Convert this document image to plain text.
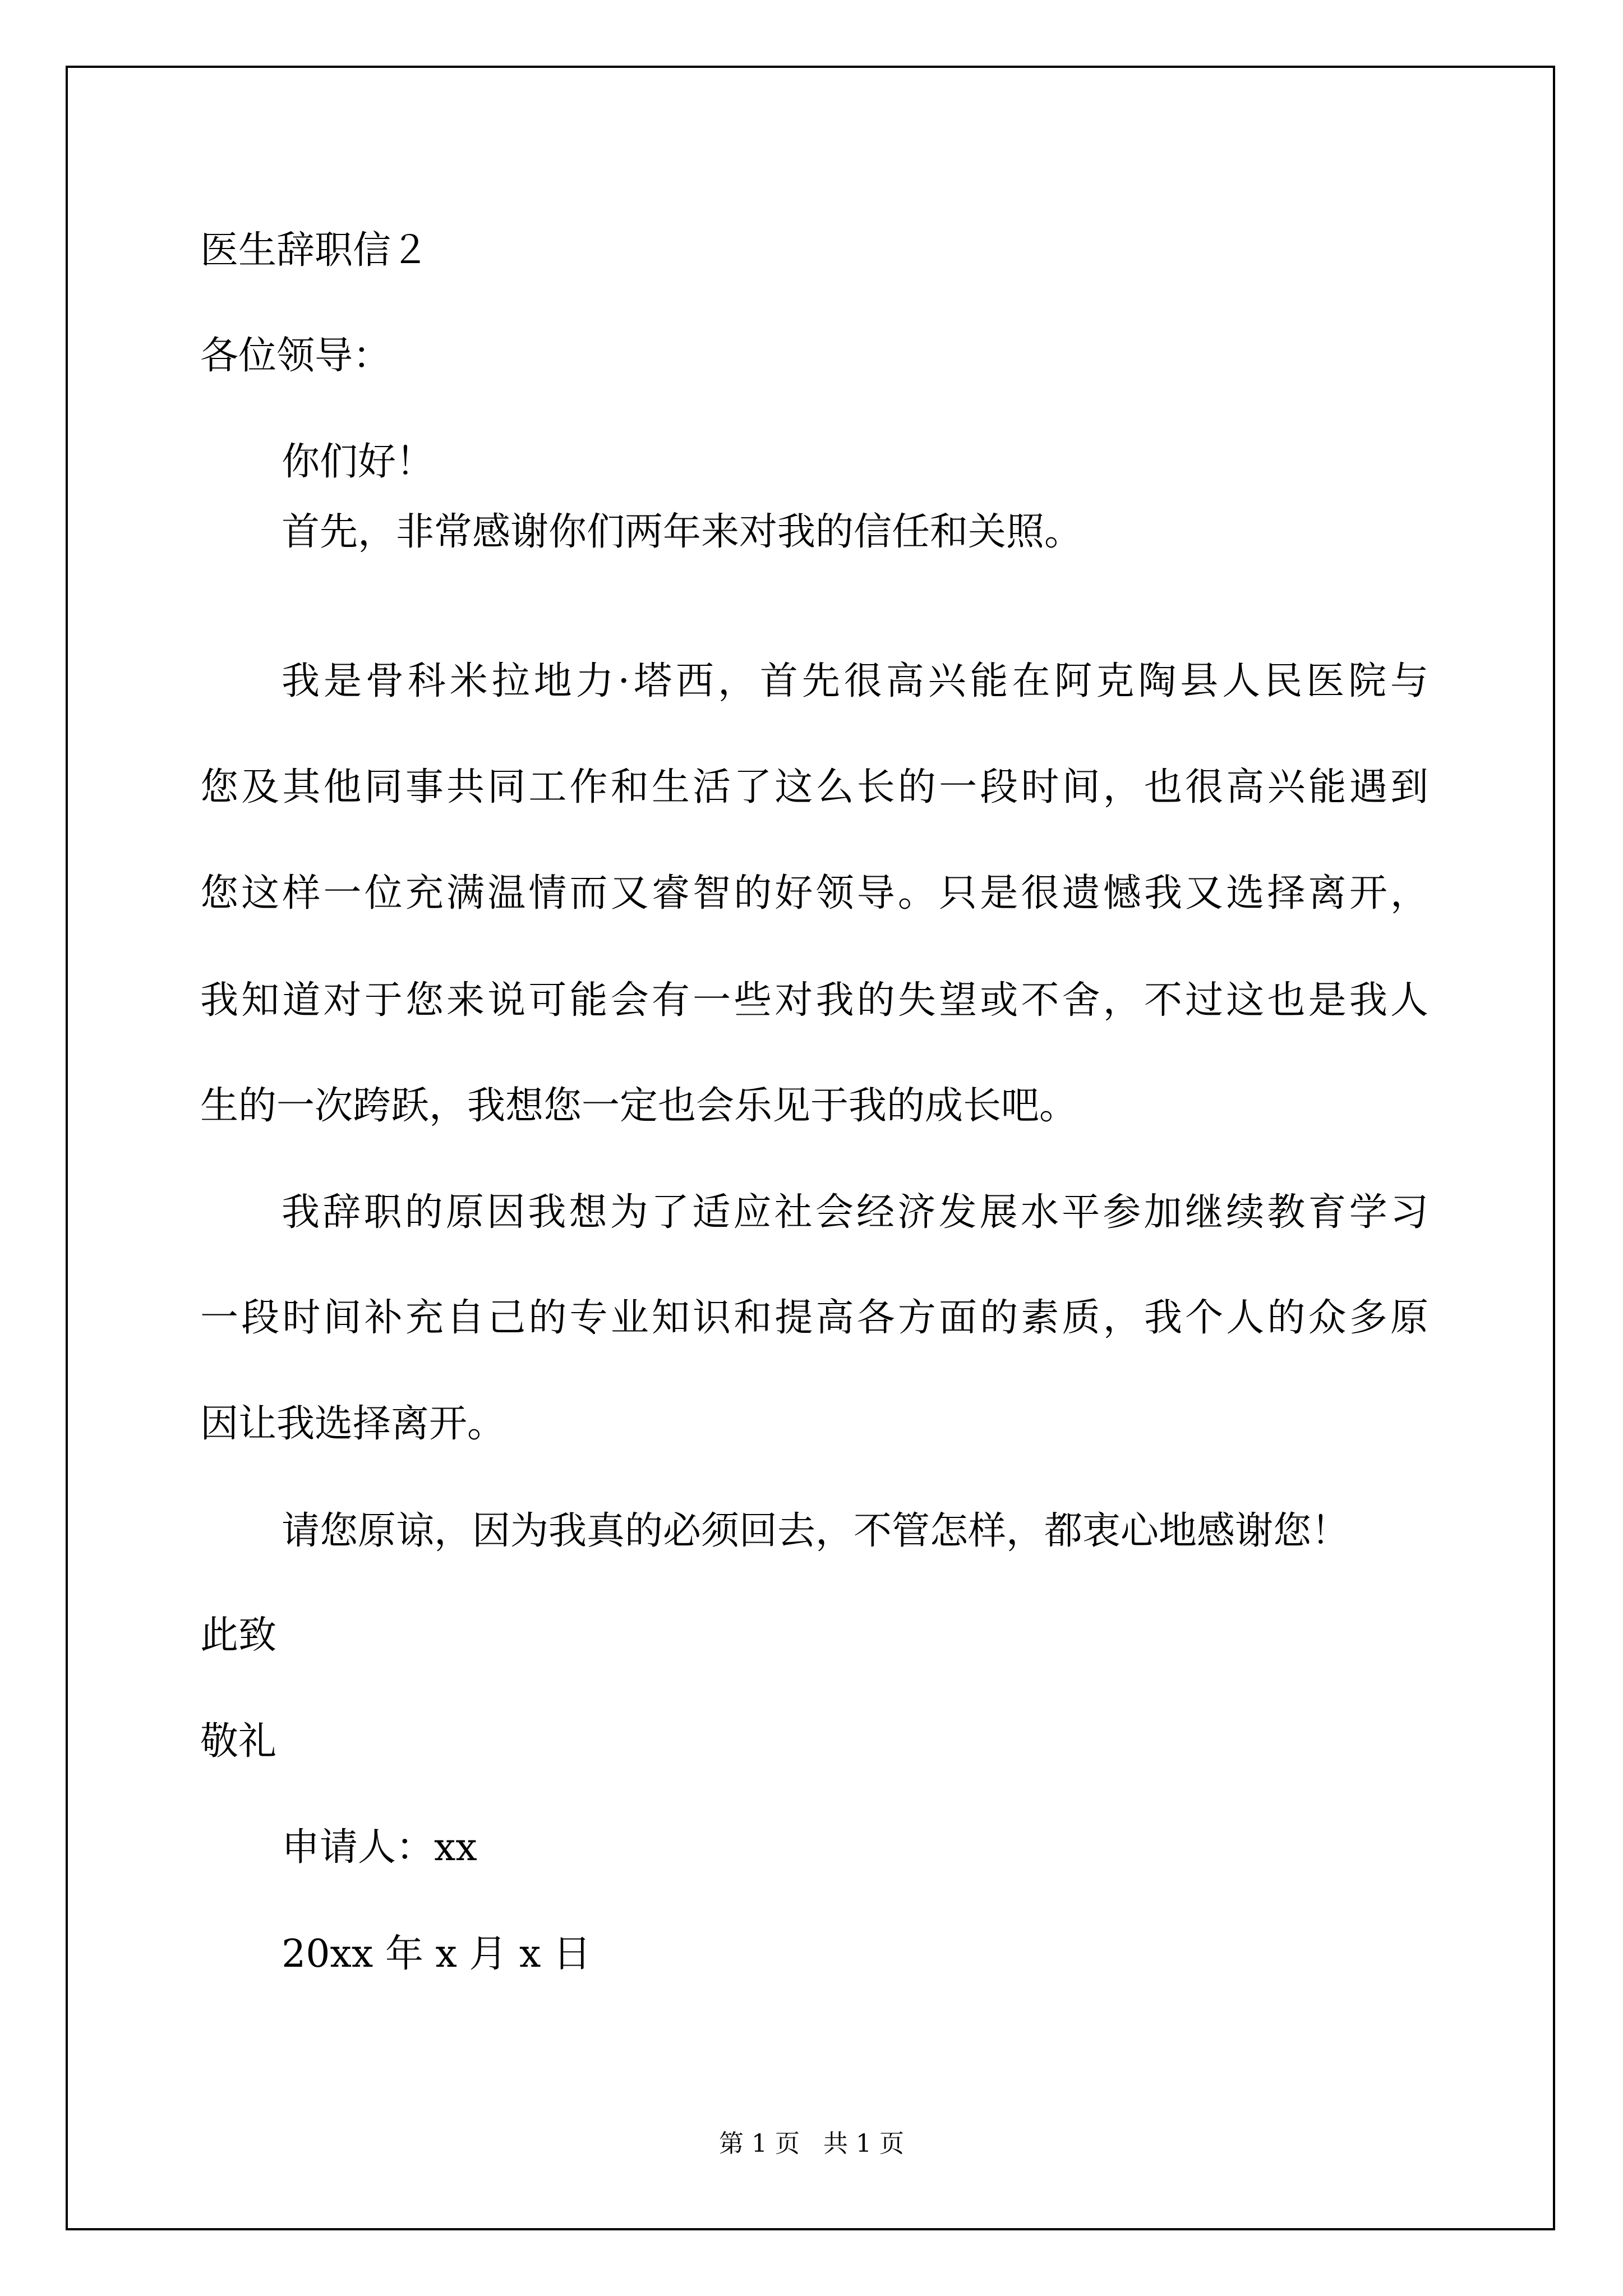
医生辞职信２
各位领导：
你们好！
首先，非常感谢你们两年来对我的信任和关照。
我是骨科米拉地力·塔西，首先很高兴能在阿克陶县人民医院与
您及其他同事共同工作和生活了这么长的一段时间，也很高兴能遇到
您这样一位充满温情而又睿智的好领导。只是很遗憾我又选择离开，
我知道对于您来说可能会有一些对我的失望或不舍，不过这也是我人
生的一次跨跃，我想您一定也会乐见于我的成长吧。
我辞职的原因我想为了适应社会经济发展水平参加继续教育学习
一段时间补充自己的专业知识和提高各方面的素质，我个人的众多原
因让我选择离开。
请您原谅，因为我真的必须回去，不管怎样，都衷心地感谢您！
此致
敬礼
申请人：xx
20xx 年 x 月 x 日
第 1 页   共 1 页
